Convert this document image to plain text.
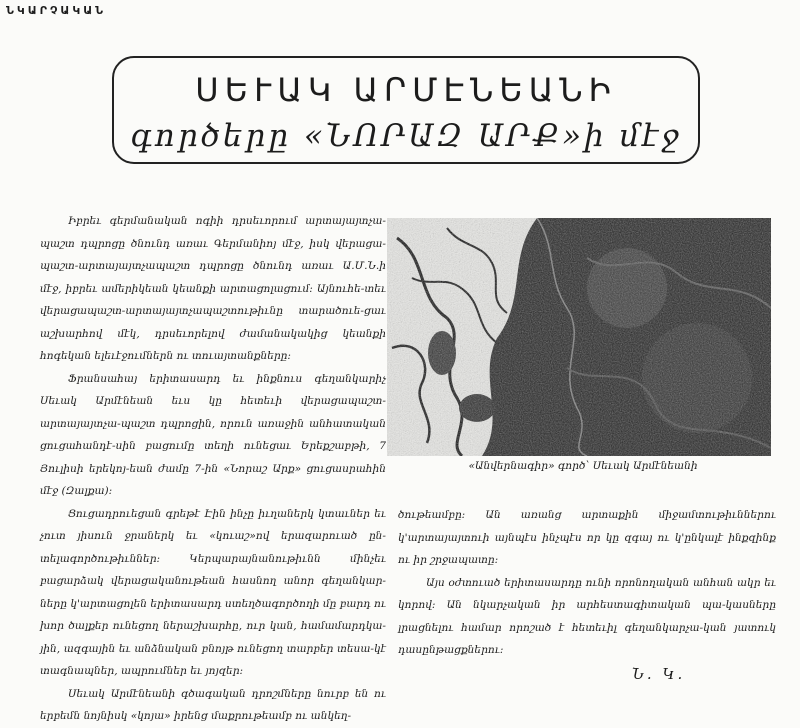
ՆԿԱՐՉԱԿԱՆ
ՍԵՒԱԿ ԱՐՄԷՆԵԱՆԻ
գործերը «ՆՈՐԱԶ ԱՐՔ»ի մէջ

Իբրեւ գերմանական ոգիի դրսեւորում արտայայտչա-պաշտ դպրոցը ծնունդ առաւ Գերմանիոյ մէջ, իսկ վերացա-պաշտ-արտայայտչապաշտ դպրոցը ծնունդ առաւ Ա.Մ.Ն.ի մէջ, իբրեւ ամերիկեան կեանքի արտացոլացում: Այնուհե-տեւ վերացապաշտ-արտայայտչապաշտութիւնը տարածուե-ցաւ աշխարհով մէկ, դրսեւորելով ժամանակակից կեանքի հոգեկան ելեւէջումներն ու տուայտանքները:

Ֆրանսահայ երիտասարդ եւ ինքնուս գեղանկարիչ Սեւակ Արմէնեան եւս կը հետեւի վերացապաշտ-արտայայտչա-պաշտ դպրոցին, որուն առաջին անհատական ցուցահանդէ-սին բացումը տեղի ունեցաւ Երեքշաբթի, 7 Յուլիսի երեկոյ-եան ժամը 7-ին «Նորաշ Արք» ցուցասրահին մէջ (Զալքա):

Ցուցադրուեցան գրեթէ Էին ինչը իւղաներկ կտաւներ եւ չուտ յիսուն ջրաներկ եւ «կուաշ»ով երազարուած ըն-տելագործութիւններ: Կերպարայնանութիւնն մինչեւ բացարձակ վերացականութեան հասնող անոր գեղանկար-ները կ'արտացոլեն երիտասարդ ստեղծագործողի մը բարդ ու խոր ծալքեր ունեցող ներաշխարհը, ուր կան, համամարդկա-յին, ազգային եւ անձնական բնոյթ ունեցող տարբեր տեսա-կէ տագնապներ, ապրումներ եւ յոյզեր:

Սեւակ Արմէնեանի գծագական դրոշմները նուրբ են ու երբեմն նոյնիսկ «կոյա» իրենց մաքրութեամբ ու անկեղ-

«Անվերնագիր» գործ՝ Սեւակ Արմէնեանի

ծութեամբը: Ան առանց արտաքին միջամտութիւններու կ'արտայայտուի այնպէս ինչպէս որ կը զգայ ու կ'ընկալէ ինքզինք ու իր շրջապատը:

Այս օժտուած երիտասարդը ունի որոնողական անհան ակր եւ կորով: Ան նկարչական իր արհեստագիտական պա-կասները լրացնելու համար որոշած է հետեւիլ գեղանկարչա-կան յատուկ դասընթացքներու:

Ն. Կ.
